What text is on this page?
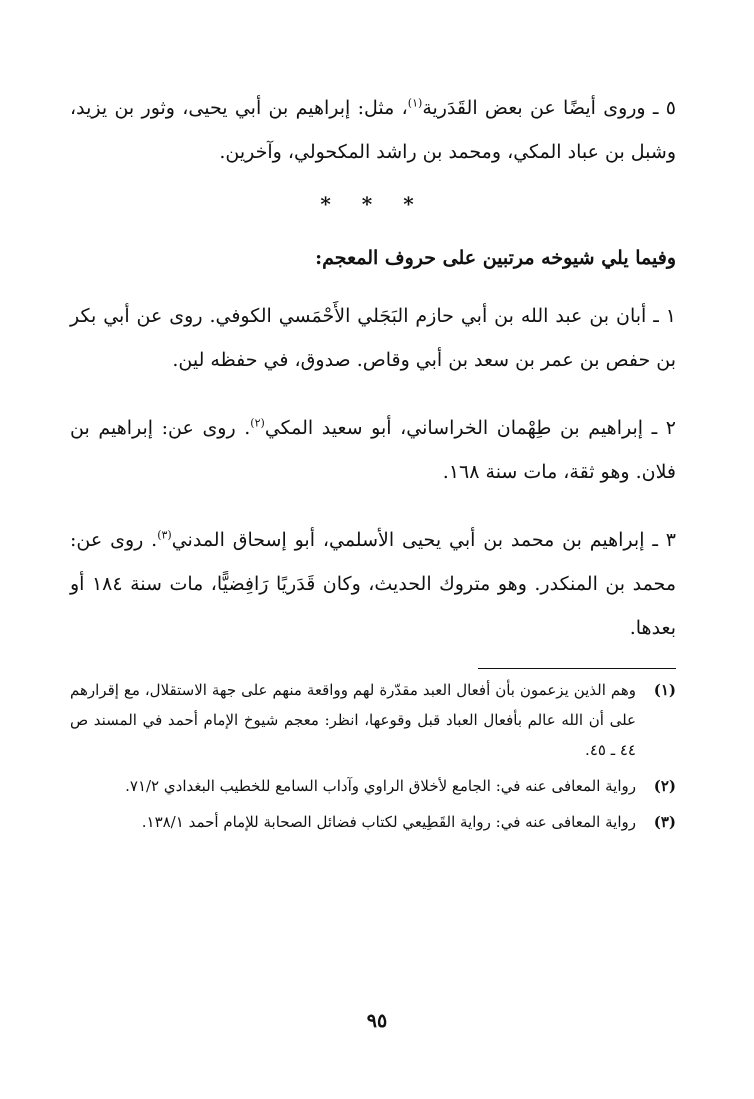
٥ ـ وروى أيضًا عن بعض القَدَرية$^{(١)}$، مثل: إبراهيم بن أبي يحيى، وثور بن يزيد، وشبل بن عباد المكي، ومحمد بن راشد المكحولي، وآخرين.

* * *

وفيما يلي شيوخه مرتبين على حروف المعجم:

١ ـ أبان بن عبد الله بن أبي حازم البَجَلي الأَحْمَسي الكوفي. روى عن أبي بكر بن حفص بن عمر بن سعد بن أبي وقاص. صدوق، في حفظه لين.

٢ ـ إبراهيم بن طِهْمان الخراساني، أبو سعيد المكي$^{(٢)}$. روى عن: إبراهيم بن فلان. وهو ثقة، مات سنة ١٦٨.

٣ ـ إبراهيم بن محمد بن أبي يحيى الأسلمي، أبو إسحاق المدني$^{(٣)}$. روى عن: محمد بن المنكدر. وهو متروك الحديث، وكان قَدَريًا رَافِضيًّا، مات سنة ١٨٤ أو بعدها.

(١)
وهم الذين يزعمون بأن أفعال العبد مقدّرة لهم وواقعة منهم على جهة الاستقلال، مع إقرارهم على أن الله عالم بأفعال العباد قبل وقوعها، انظر: معجم شيوخ الإمام أحمد في المسند ص ٤٤ ـ ٤٥.
(٢)
رواية المعافى عنه في: الجامع لأخلاق الراوي وآداب السامع للخطيب البغدادي ٧١/٢.
(٣)
رواية المعافى عنه في: رواية القَطِيعي لكتاب فضائل الصحابة للإمام أحمد ١٣٨/١.
٩٥
